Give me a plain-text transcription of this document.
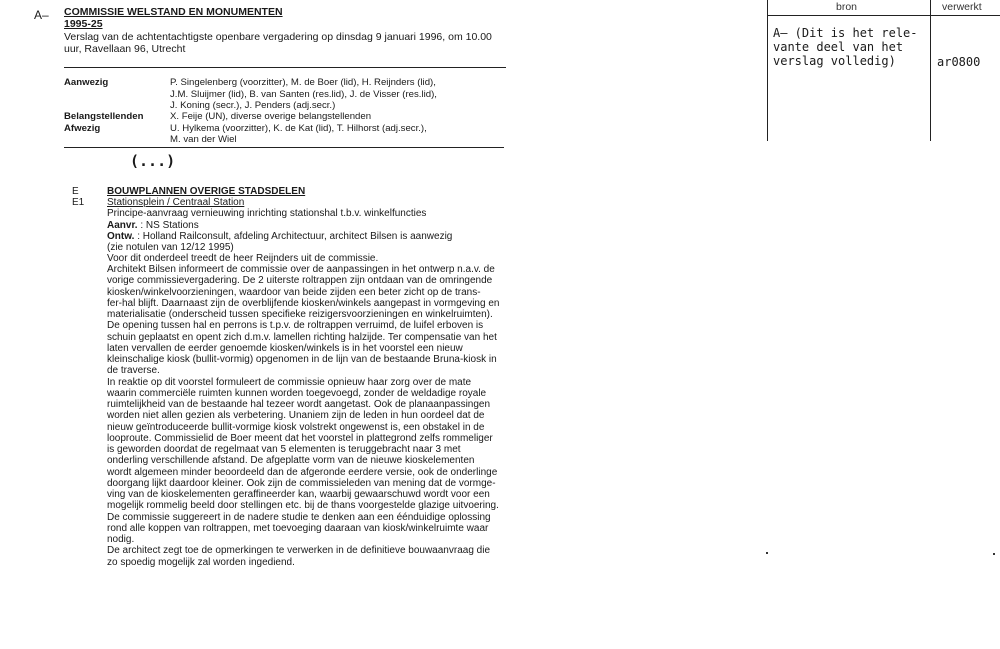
A– COMMISSIE WELSTAND EN MONUMENTEN
1995-25
Verslag van de achtentachtigste openbare vergadering op dinsdag 9 januari 1996, om 10.00
uur, Ravellaan 96, Utrecht
Aanwezig	P. Singelenberg (voorzitter), M. de Boer (lid), H. Reijnders (lid),
J.M. Sluijmer (lid), B. van Santen (res.lid), J. de Visser (res.lid),
J. Koning (secr.), J. Penders (adj.secr.)
Belangstellenden	X. Feije (UN), diverse overige belangstellenden
Afwezig	U. Hylkema (voorzitter), K. de Kat (lid), T. Hilhorst (adj.secr.),
M. van der Wiel
(...)
E	BOUWPLANNEN OVERIGE STADSDELEN
E1 Stationsplein / Centraal Station
Principe-aanvraag vernieuwing inrichting stationshal t.b.v. winkelfuncties
Aanvr. : NS Stations
Ontw. : Holland Railconsult, afdeling Architectuur, architect Bilsen is aanwezig
(zie notulen van 12/12 1995)
Voor dit onderdeel treedt de heer Reijnders uit de commissie.
Architekt Bilsen informeert de commissie over de aanpassingen in het ontwerp n.a.v. de
vorige commissievergadering. De 2 uiterste roltrappen zijn ontdaan van de omringende
kiosken/winkelvoorzieningen, waardoor van beide zijden een beter zicht op de trans-
fer-hal blijft. Daarnaast zijn de overblijfende kiosken/winkels aangepast in vormgeving en
materialisatie (onderscheid tussen specifieke reizigersvoorzieningen en winkelruimten).
De opening tussen hal en perrons is t.p.v. de roltrappen verruimd, de luifel erboven is
schuin geplaatst en opent zich d.m.v. lamellen richting halzijde. Ter compensatie van het
laten vervallen de eerder genoemde kiosken/winkels is in het voorstel een nieuw
kleinschalige kiosk (bullit-vormig) opgenomen in de lijn van de bestaande Bruna-kiosk in
de traverse.
In reaktie op dit voorstel formuleert de commissie opnieuw haar zorg over de mate
waarin commerciële ruimten kunnen worden toegevoegd, zonder de weldadige royale
ruimtelijkheid van de bestaande hal tezeer wordt aangetast. Ook de planaanpassingen
worden niet allen gezien als verbetering. Unaniem zijn de leden in hun oordeel dat de
nieuw geïntroduceerde bullit-vormige kiosk volstrekt ongewenst is, een obstakel in de
looproute. Commissielid de Boer meent dat het voorstel in plattegrond zelfs rommeliger
is geworden doordat de regelmaat van 5 elementen is teruggebracht naar 3 met
onderling verschillende afstand. De afgeplatte vorm van de nieuwe kioskelementen
wordt algemeen minder beoordeeld dan de afgeronde eerdere versie, ook de onderlinge
doorgang lijkt daardoor kleiner. Ook zijn de commissieleden van mening dat de vormge-
ving van de kioskelementen geraffineerder kan, waarbij gewaarschuwd wordt voor een
mogelijk rommelig beeld door stellingen etc. bij de thans voorgestelde glazige uitvoering.
De commissie suggereert in de nadere studie te denken aan een éénduidige oplossing
rond alle koppen van roltrappen, met toevoeging daaraan van kiosk/winkelruimte waar
nodig.
De architect zegt toe de opmerkingen te verwerken in de definitieve bouwaanvraag die
zo spoedig mogelijk zal worden ingediend.
bron	verwerkt
A– (Dit is het rele-
vante deel van het
verslag volledig)	ar0800
